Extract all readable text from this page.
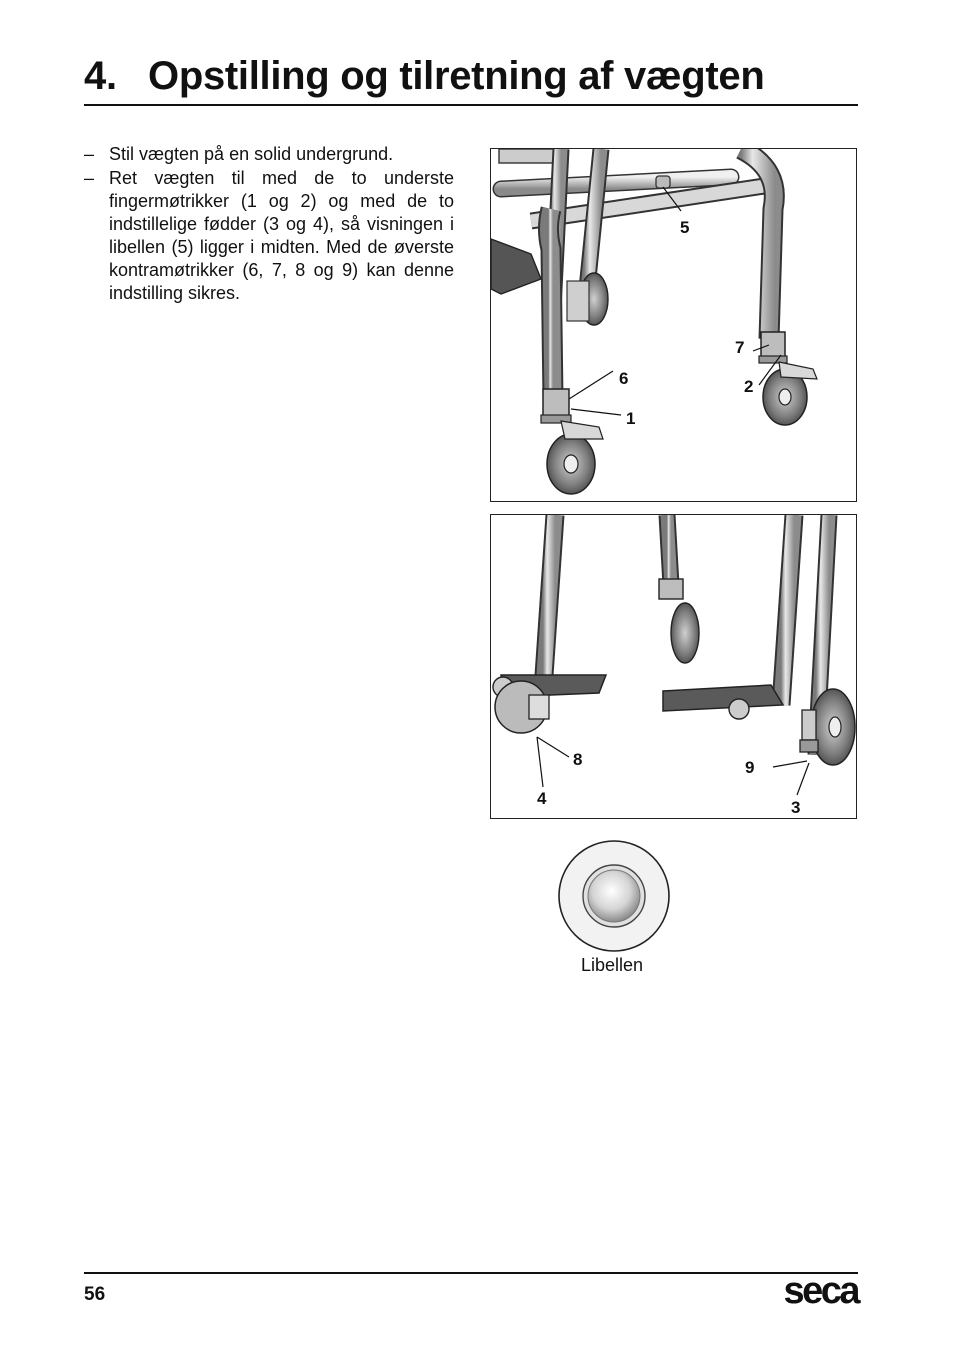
4. Opstilling og tilretning af vægten
– Stil vægten på en solid undergrund.
– Ret vægten til med de to underste fingermøtrikker (1 og 2) og med de to indstillelige fødder (3 og 4), så visningen i libellen (5) ligger i midten. Med de øverste kontramøtrikker (6, 7, 8 og 9) kan denne indstilling sikres.
5
7
2
6
1
8
4
9
3
Libellen
56	seca
